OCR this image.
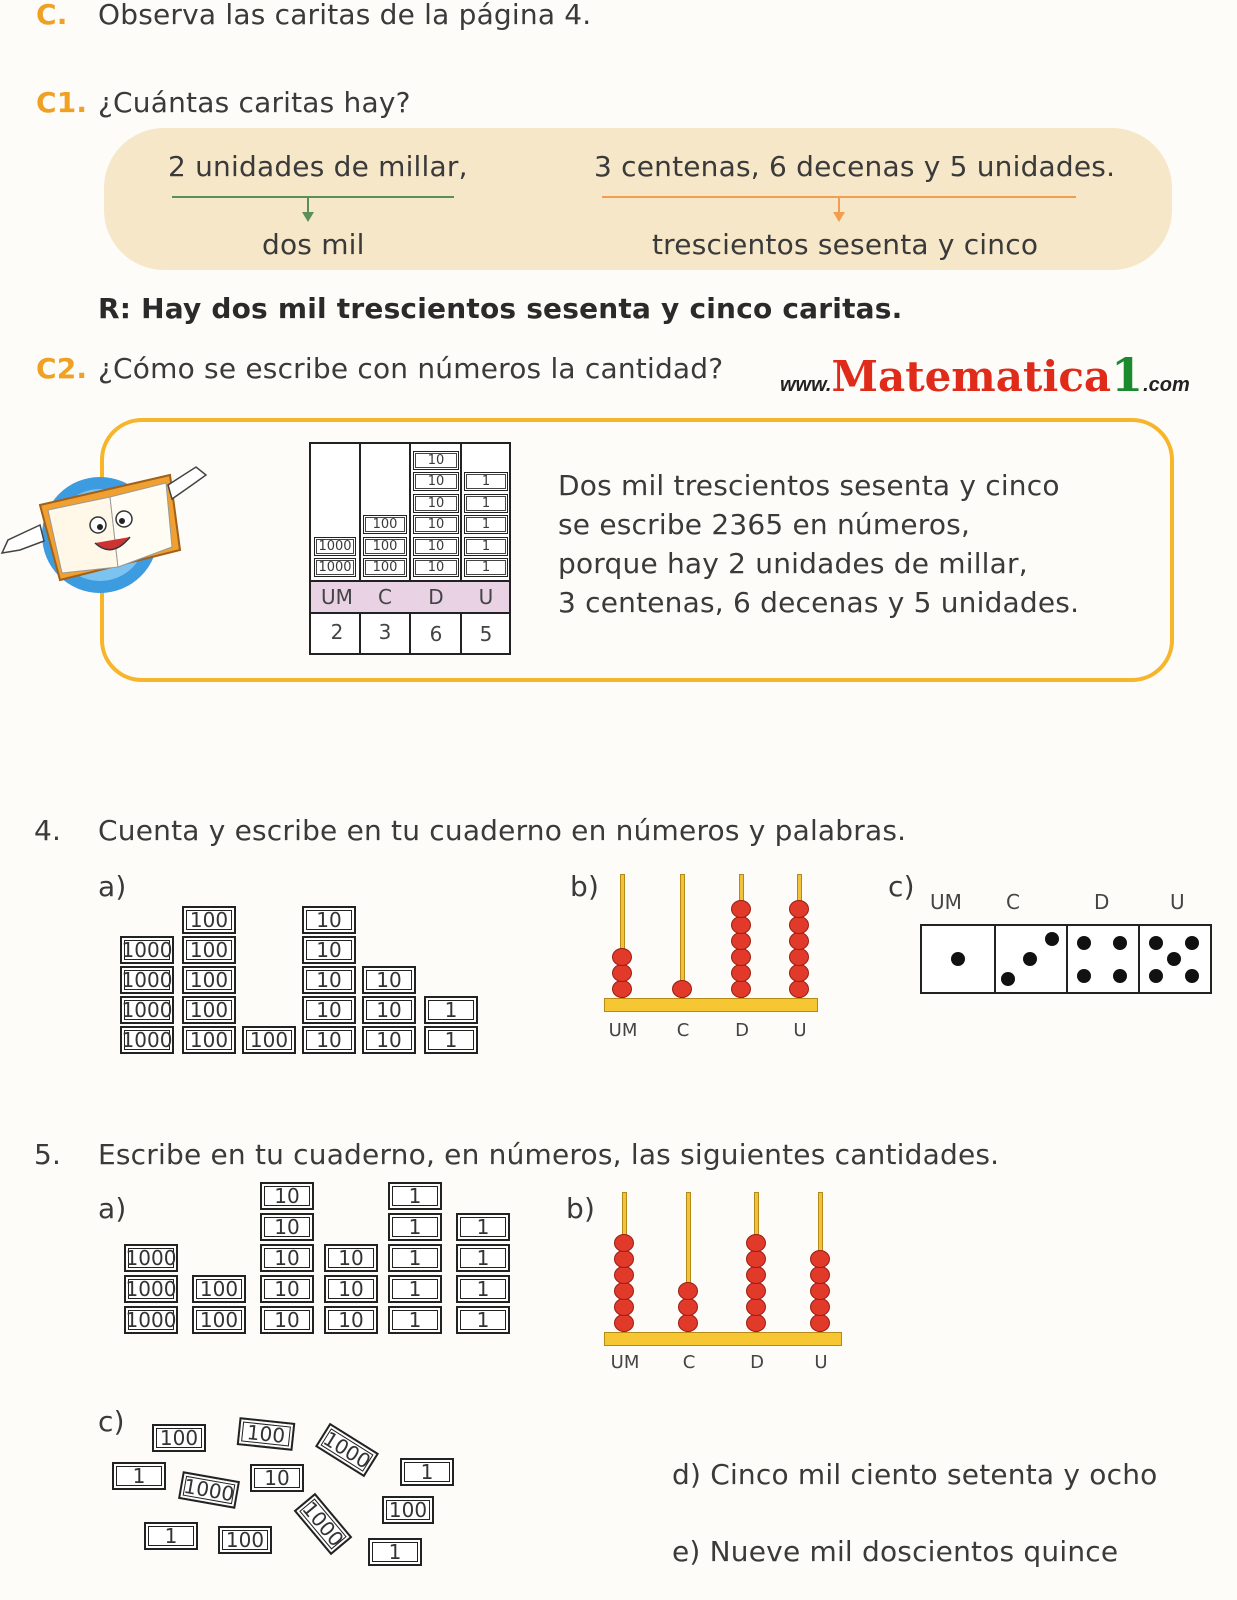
C. Observa las caritas de la página 4.
C1. ¿Cuántas caritas hay?
2 unidades de millar,
dos mil
3 centenas, 6 decenas y 5 unidades.
trescientos sesenta y cinco
R: Hay dos mil trescientos sesenta y cinco caritas.
C2. ¿Cómo se escribe con números la cantidad?	www.Matematica1.com
UM	C	D	U
2	3	6	5
1000
1000
100
100
100
10
10
10
10
10
10
1
1
1
1
1	Dos mil trescientos sesenta y cinco
se escribe 2365 en números,
porque hay 2 unidades de millar,
3 centenas, 6 decenas y 5 unidades.
4. Cuenta y escribe en tu cuaderno en números y palabras.
a)
1000
1000
1000
1000
100
100
100
100
100
100	10
10
10
10
10
10
10
10
1
1
b)
UM	C	D	U
c) UM C	D	U
5. Escribe en tu cuaderno, en números, las siguientes cantidades.
a)
1000
1000
1000
100
100
10
10
10
10
10
10
10
10
1
1
1
1
1
1
1
1
1
b)
UM	C	D	U
c)	100	100	1000
1	1000	10	1
100
1000
1	100	1
d) Cinco mil ciento setenta y ocho
e) Nueve mil doscientos quince
